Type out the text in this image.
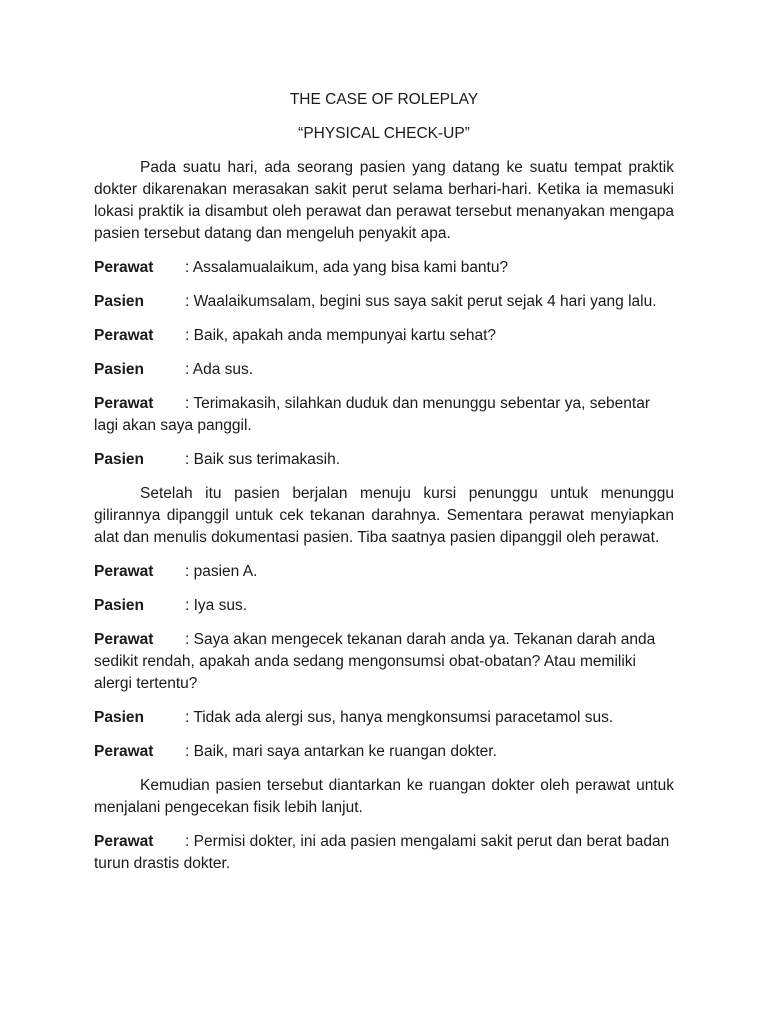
THE CASE OF ROLEPLAY

“PHYSICAL CHECK-UP”

Pada suatu hari, ada seorang pasien yang datang ke suatu tempat praktik dokter dikarenakan merasakan sakit perut selama berhari-hari. Ketika ia memasuki lokasi praktik ia disambut oleh perawat dan perawat tersebut menanyakan mengapa pasien tersebut datang dan mengeluh penyakit apa.

Perawat : Assalamualaikum, ada yang bisa kami bantu?
Pasien	: Waalaikumsalam, begini sus saya sakit perut sejak 4 hari yang lalu.
Perawat : Baik, apakah anda mempunyai kartu sehat?
Pasien	: Ada sus.
Perawat : Terimakasih, silahkan duduk dan menunggu sebentar ya, sebentar lagi akan saya panggil.
Pasien	: Baik sus terimakasih.

Setelah itu pasien berjalan menuju kursi penunggu untuk menunggu gilirannya dipanggil untuk cek tekanan darahnya. Sementara perawat menyiapkan alat dan menulis dokumentasi pasien. Tiba saatnya pasien dipanggil oleh perawat.

Perawat : pasien A.
Pasien	: Iya sus.
Perawat : Saya akan mengecek tekanan darah anda ya. Tekanan darah anda sedikit rendah, apakah anda sedang mengonsumsi obat-obatan? Atau memiliki alergi tertentu?
Pasien	: Tidak ada alergi sus, hanya mengkonsumsi paracetamol sus.
Perawat : Baik, mari saya antarkan ke ruangan dokter.

Kemudian pasien tersebut diantarkan ke ruangan dokter oleh perawat untuk menjalani pengecekan fisik lebih lanjut.

Perawat : Permisi dokter, ini ada pasien mengalami sakit perut dan berat badan turun drastis dokter.
